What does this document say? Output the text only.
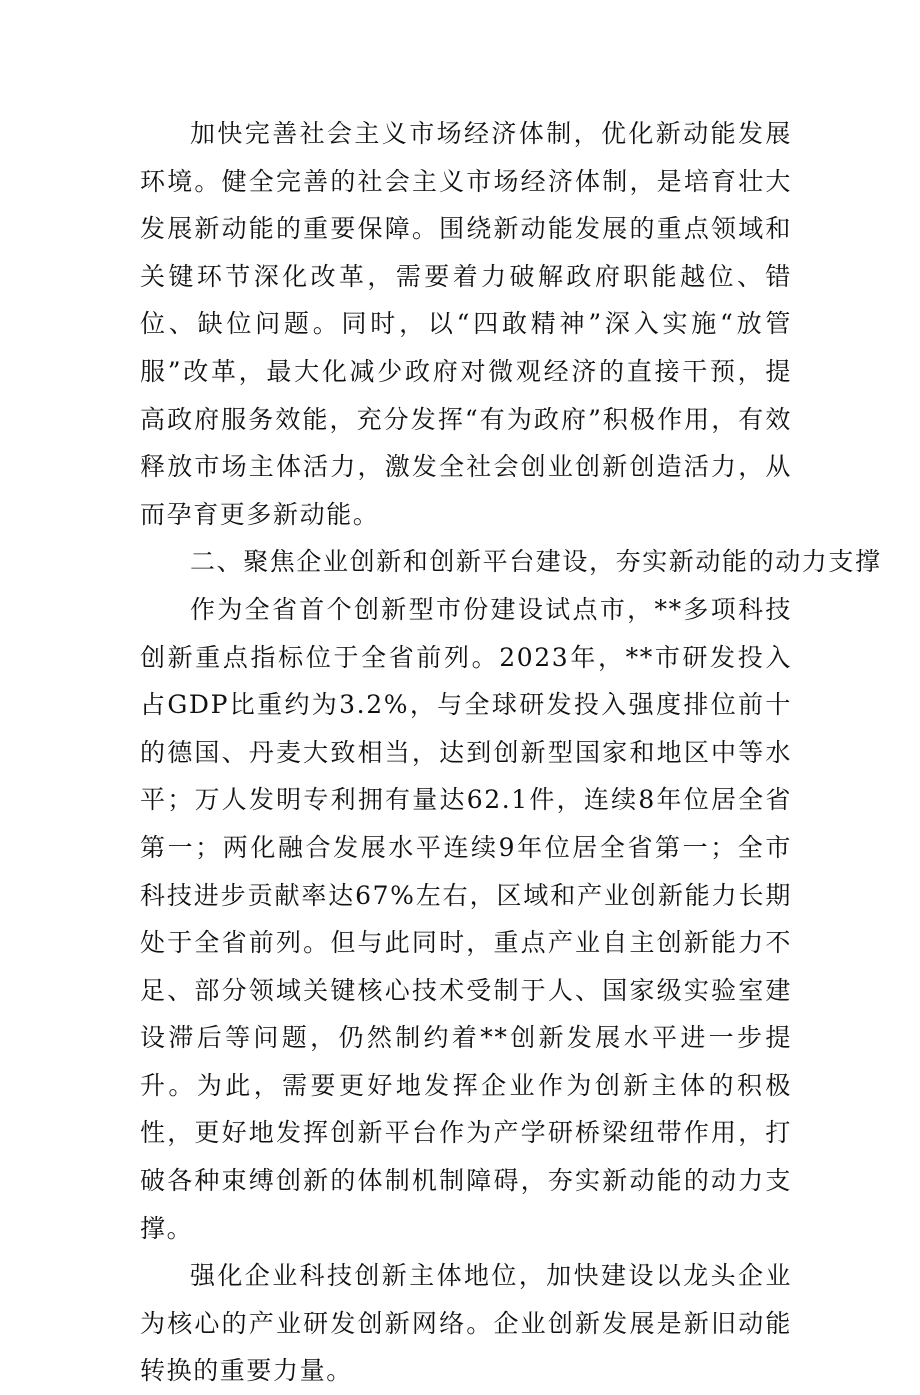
加快完善社会主义市场经济体制，优化新动能发展环境。健全完善的社会主义市场经济体制，是培育壮大发展新动能的重要保障。围绕新动能发展的重点领域和关键环节深化改革，需要着力破解政府职能越位、错位、缺位问题。同时，以“四敢精神”深入实施“放管服”改革，最大化减少政府对微观经济的直接干预，提高政府服务效能，充分发挥“有为政府”积极作用，有效释放市场主体活力，激发全社会创业创新创造活力，从而孕育更多新动能。

二、聚焦企业创新和创新平台建设，夯实新动能的动力支撑

作为全省首个创新型市份建设试点市，**多项科技创新重点指标位于全省前列。2023年，**市研发投入占GDP比重约为3.2%，与全球研发投入强度排位前十的德国、丹麦大致相当，达到创新型国家和地区中等水平；万人发明专利拥有量达62.1件，连续8年位居全省第一；两化融合发展水平连续9年位居全省第一；全市科技进步贡献率达67%左右，区域和产业创新能力长期处于全省前列。但与此同时，重点产业自主创新能力不足、部分领域关键核心技术受制于人、国家级实验室建设滞后等问题，仍然制约着**创新发展水平进一步提升。为此，需要更好地发挥企业作为创新主体的积极性，更好地发挥创新平台作为产学研桥梁纽带作用，打破各种束缚创新的体制机制障碍，夯实新动能的动力支撑。

强化企业科技创新主体地位，加快建设以龙头企业为核心的产业研发创新网络。企业创新发展是新旧动能转换的重要力量。
